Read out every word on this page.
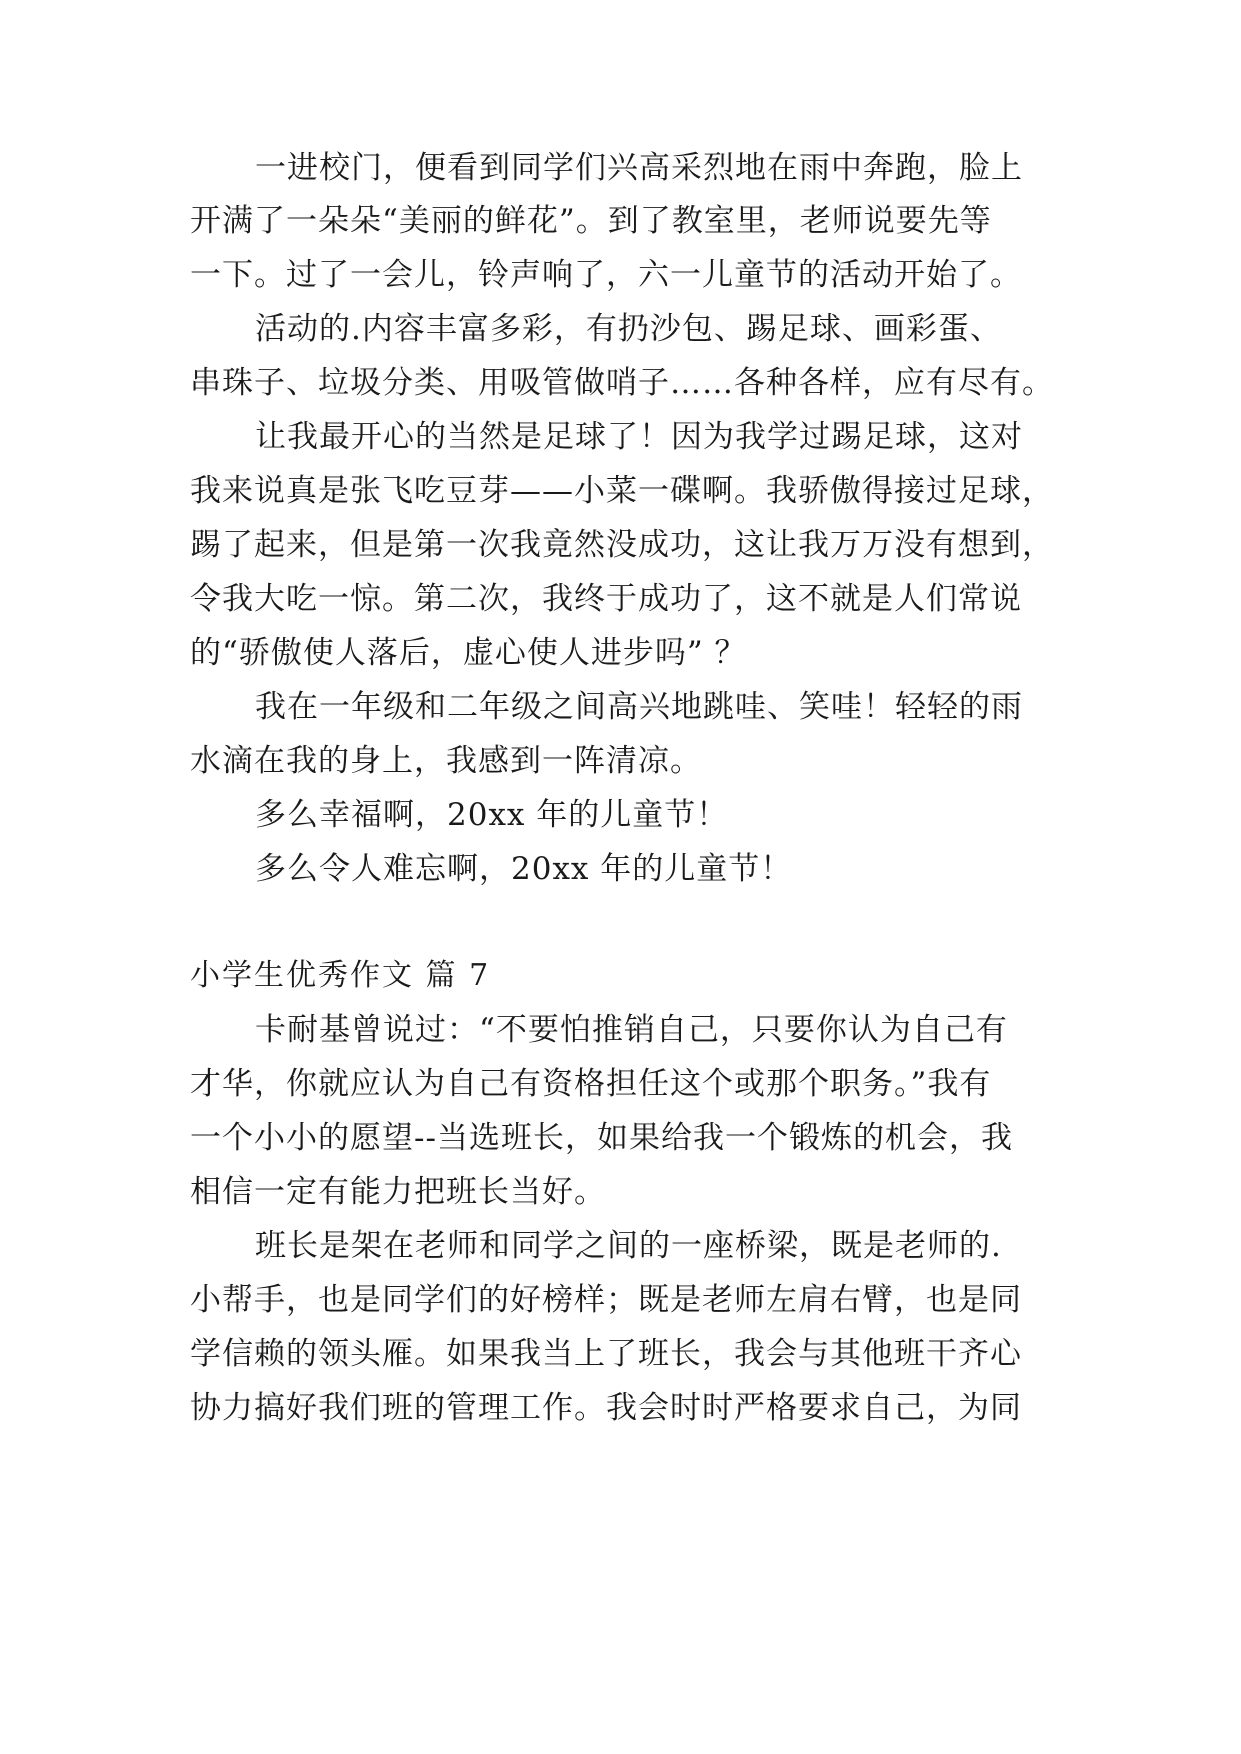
一进校门，便看到同学们兴高采烈地在雨中奔跑，脸上
开满了一朵朵“美丽的鲜花”。到了教室里，老师说要先等
一下。过了一会儿，铃声响了，六一儿童节的活动开始了。
活动的.内容丰富多彩，有扔沙包、踢足球、画彩蛋、
串珠子、垃圾分类、用吸管做哨子……各种各样，应有尽有。
让我最开心的当然是足球了！因为我学过踢足球，这对
我来说真是张飞吃豆芽——小菜一碟啊。我骄傲得接过足球，
踢了起来，但是第一次我竟然没成功，这让我万万没有想到，
令我大吃一惊。第二次，我终于成功了，这不就是人们常说
的“骄傲使人落后，虚心使人进步吗” ？
我在一年级和二年级之间高兴地跳哇、笑哇！轻轻的雨
水滴在我的身上，我感到一阵清凉。
多么幸福啊，20xx 年的儿童节！
多么令人难忘啊，20xx 年的儿童节！
小学生优秀作文 篇 7
卡耐基曾说过：“不要怕推销自己，只要你认为自己有
才华，你就应认为自己有资格担任这个或那个职务。”我有
一个小小的愿望--当选班长，如果给我一个锻炼的机会，我
相信一定有能力把班长当好。
班长是架在老师和同学之间的一座桥梁，既是老师的.
小帮手，也是同学们的好榜样；既是老师左肩右臂，也是同
学信赖的领头雁。如果我当上了班长，我会与其他班干齐心
协力搞好我们班的管理工作。我会时时严格要求自己，为同
